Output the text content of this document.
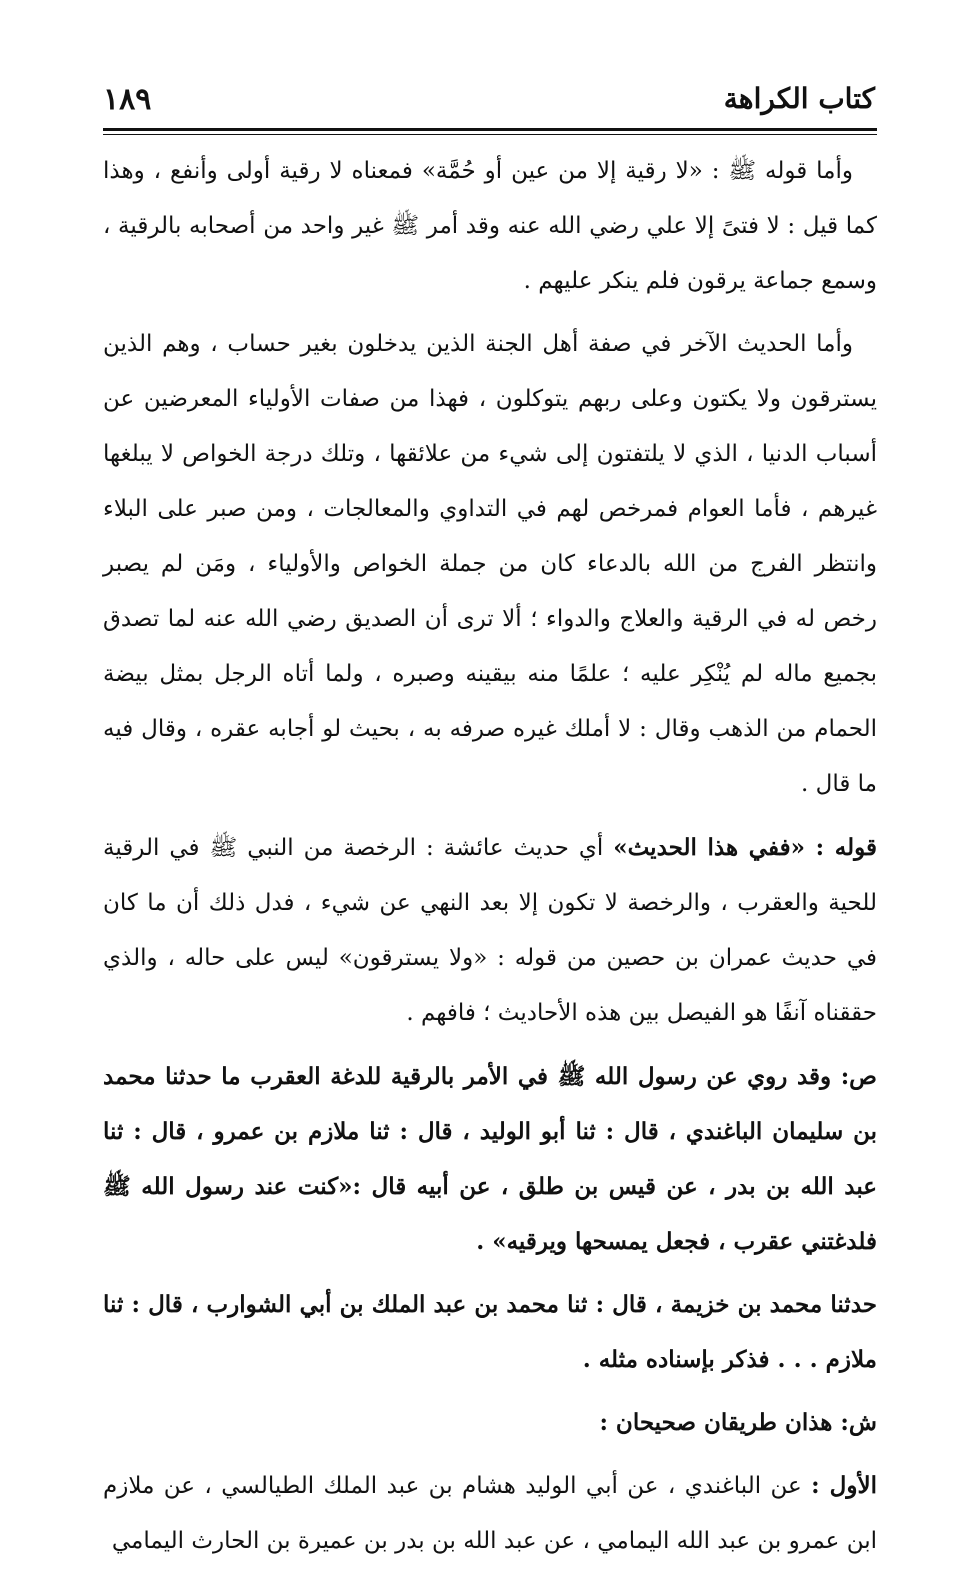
كتاب الكراهة
١٨٩

وأما قوله ﷺ : «لا رقية إلا من عين أو حُمَّة» فمعناه لا رقية أولى وأنفع ، وهذا كما قيل : لا فتىً إلا علي رضي الله عنه وقد أمر ﷺ غير واحد من أصحابه بالرقية ، وسمع جماعة يرقون فلم ينكر عليهم .

وأما الحديث الآخر في صفة أهل الجنة الذين يدخلون بغير حساب ، وهم الذين يسترقون ولا يكتون وعلى ربهم يتوكلون ، فهذا من صفات الأولياء المعرضين عن أسباب الدنيا ، الذي لا يلتفتون إلى شيء من علائقها ، وتلك درجة الخواص لا يبلغها غيرهم ، فأما العوام فمرخص لهم في التداوي والمعالجات ، ومن صبر على البلاء وانتظر الفرج من الله بالدعاء كان من جملة الخواص والأولياء ، ومَن لم يصبر رخص له في الرقية والعلاج والدواء ؛ ألا ترى أن الصديق رضي الله عنه لما تصدق بجميع ماله لم يُنْكِر عليه ؛ علمًا منه بيقينه وصبره ، ولما أتاه الرجل بمثل بيضة الحمام من الذهب وقال : لا أملك غيره صرفه به ، بحيث لو أجابه عقره ، وقال فيه ما قال .

قوله : «ففي هذا الحديث» أي حديث عائشة : الرخصة من النبي ﷺ في الرقية للحية والعقرب ، والرخصة لا تكون إلا بعد النهي عن شيء ، فدل ذلك أن ما كان في حديث عمران بن حصين من قوله : «ولا يسترقون» ليس على حاله ، والذي حققناه آنفًا هو الفيصل بين هذه الأحاديث ؛ فافهم .

ص: وقد روي عن رسول الله ﷺ في الأمر بالرقية للدغة العقرب ما حدثنا محمد بن سليمان الباغندي ، قال : ثنا أبو الوليد ، قال : ثنا ملازم بن عمرو ، قال : ثنا عبد الله بن بدر ، عن قيس بن طلق ، عن أبيه قال :«كنت عند رسول الله ﷺ فلدغتني عقرب ، فجعل يمسحها ويرقيه» .

حدثنا محمد بن خزيمة ، قال : ثنا محمد بن عبد الملك بن أبي الشوارب ، قال : ثنا ملازم . . . فذكر بإسناده مثله .

ش: هذان طريقان صحيحان :

الأول : عن الباغندي ، عن أبي الوليد هشام بن عبد الملك الطيالسي ، عن ملازم ابن عمرو بن عبد الله اليمامي ، عن عبد الله بن بدر بن عميرة بن الحارث اليمامي
